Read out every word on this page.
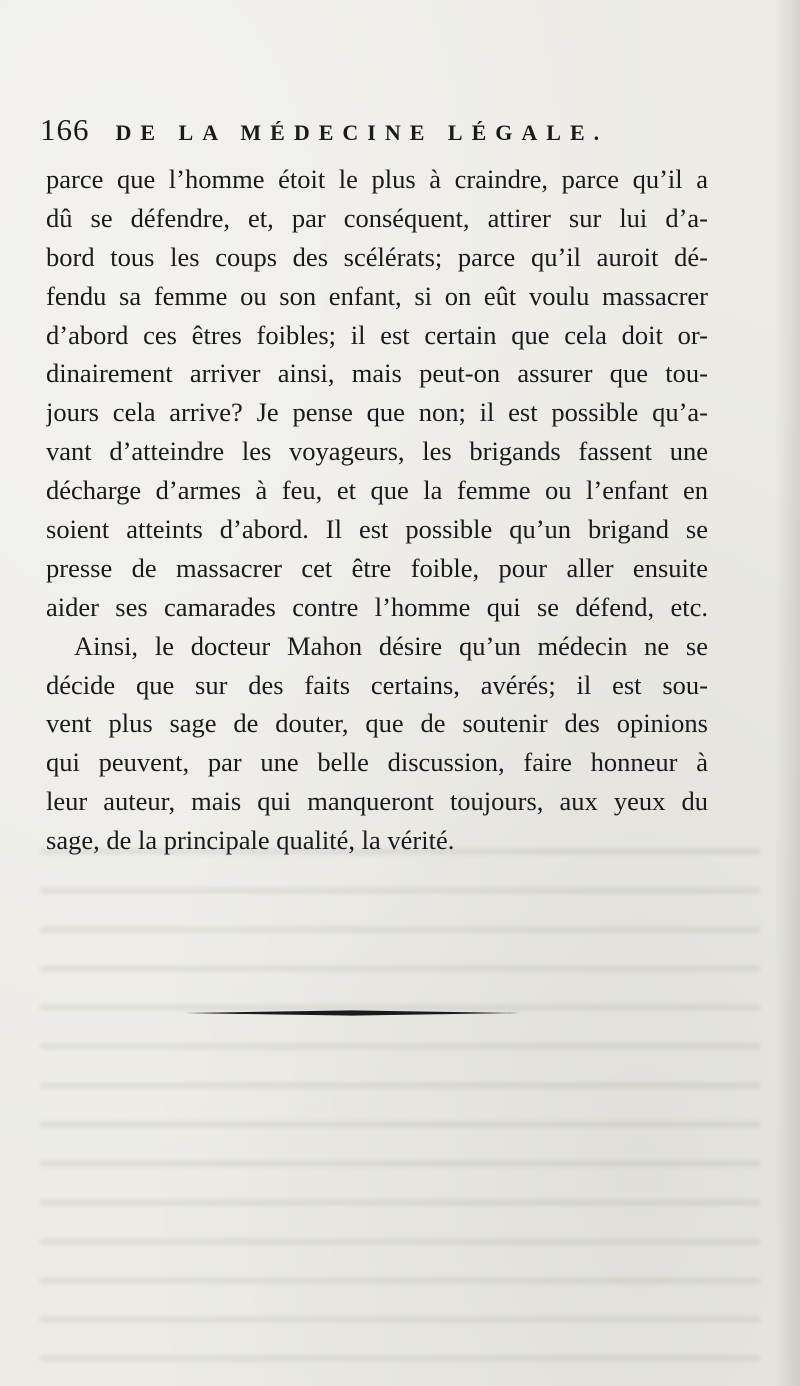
166 DE LA MÉDECINE LÉGALE.
parce que l’homme étoit le plus à craindre, parce qu’il a
dû se défendre, et, par conséquent, attirer sur lui d’a-
bord tous les coups des scélérats; parce qu’il auroit dé-
fendu sa femme ou son enfant, si on eût voulu massacrer
d’abord ces êtres foibles; il est certain que cela doit or-
dinairement arriver ainsi, mais peut-on assurer que tou-
jours cela arrive? Je pense que non; il est possible qu’a-
vant d’atteindre les voyageurs, les brigands fassent une
décharge d’armes à feu, et que la femme ou l’enfant en
soient atteints d’abord. Il est possible qu’un brigand se
presse de massacrer cet être foible, pour aller ensuite
aider ses camarades contre l’homme qui se défend, etc.
Ainsi, le docteur Mahon désire qu’un médecin ne se
décide que sur des faits certains, avérés; il est sou-
vent plus sage de douter, que de soutenir des opinions
qui peuvent, par une belle discussion, faire honneur à
leur auteur, mais qui manqueront toujours, aux yeux du
sage, de la principale qualité, la vérité.
